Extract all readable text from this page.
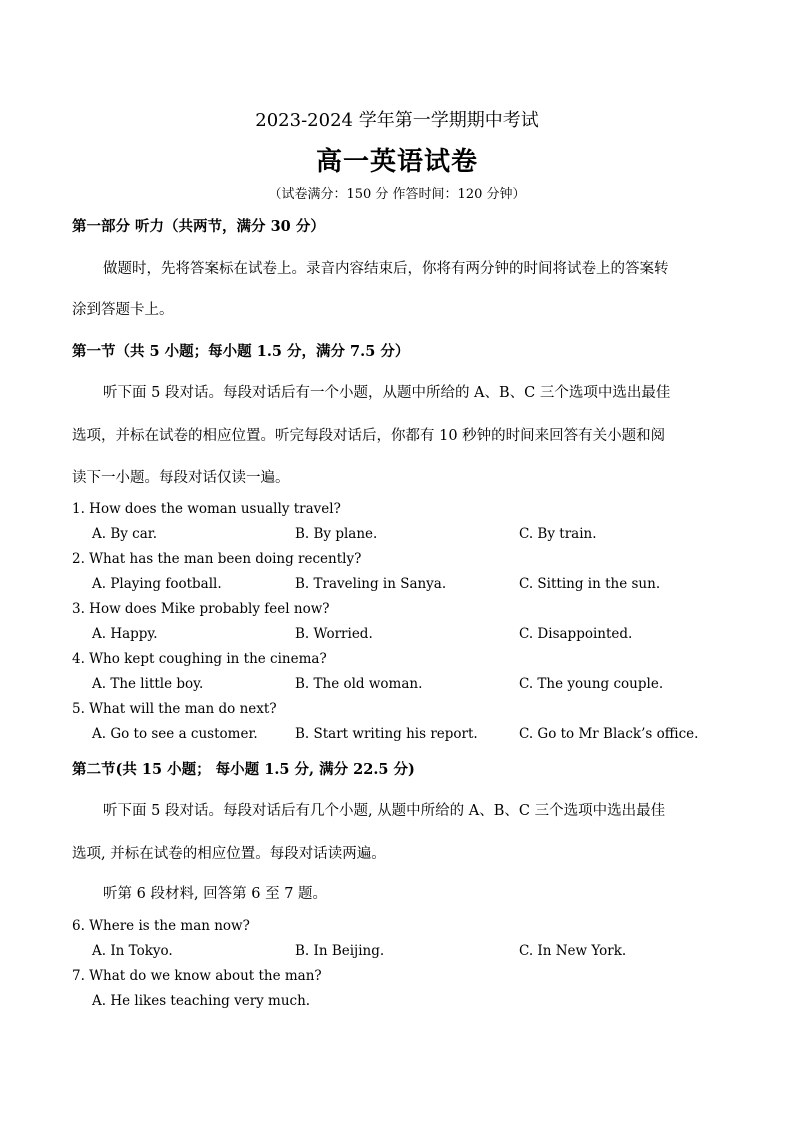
2023-2024 学年第一学期期中考试
高一英语试卷
（试卷满分：150 分 作答时间：120 分钟）
第一部分 听力（共两节，满分 30 分）
做题时，先将答案标在试卷上。录音内容结束后，你将有两分钟的时间将试卷上的答案转
涂到答题卡上。
第一节（共 5 小题；每小题 1.5 分，满分 7.5 分）
听下面 5 段对话。每段对话后有一个小题，从题中所给的 A、B、C 三个选项中选出最佳
选项，并标在试卷的相应位置。听完每段对话后，你都有 10 秒钟的时间来回答有关小题和阅
读下一小题。每段对话仅读一遍。
1. How does the woman usually travel?
A. By car.	B. By plane.	C. By train.
2. What has the man been doing recently?
A. Playing football.	B. Traveling in Sanya.	C. Sitting in the sun.
3. How does Mike probably feel now?
A. Happy.	B. Worried.	C. Disappointed.
4. Who kept coughing in the cinema?
A. The little boy.	B. The old woman.	C. The young couple.
5. What will the man do next?
A. Go to see a customer.	B. Start writing his report.	C. Go to Mr Black’s office.
第二节(共 15 小题； 每小题 1.5 分, 满分 22.5 分)
听下面 5 段对话。每段对话后有几个小题, 从题中所给的 A、B、C 三个选项中选出最佳
选项, 并标在试卷的相应位置。每段对话读两遍。
听第 6 段材料, 回答第 6 至 7 题。
6. Where is the man now?
A. In Tokyo.	B. In Beijing.	C. In New York.
7. What do we know about the man?
A. He likes teaching very much.
